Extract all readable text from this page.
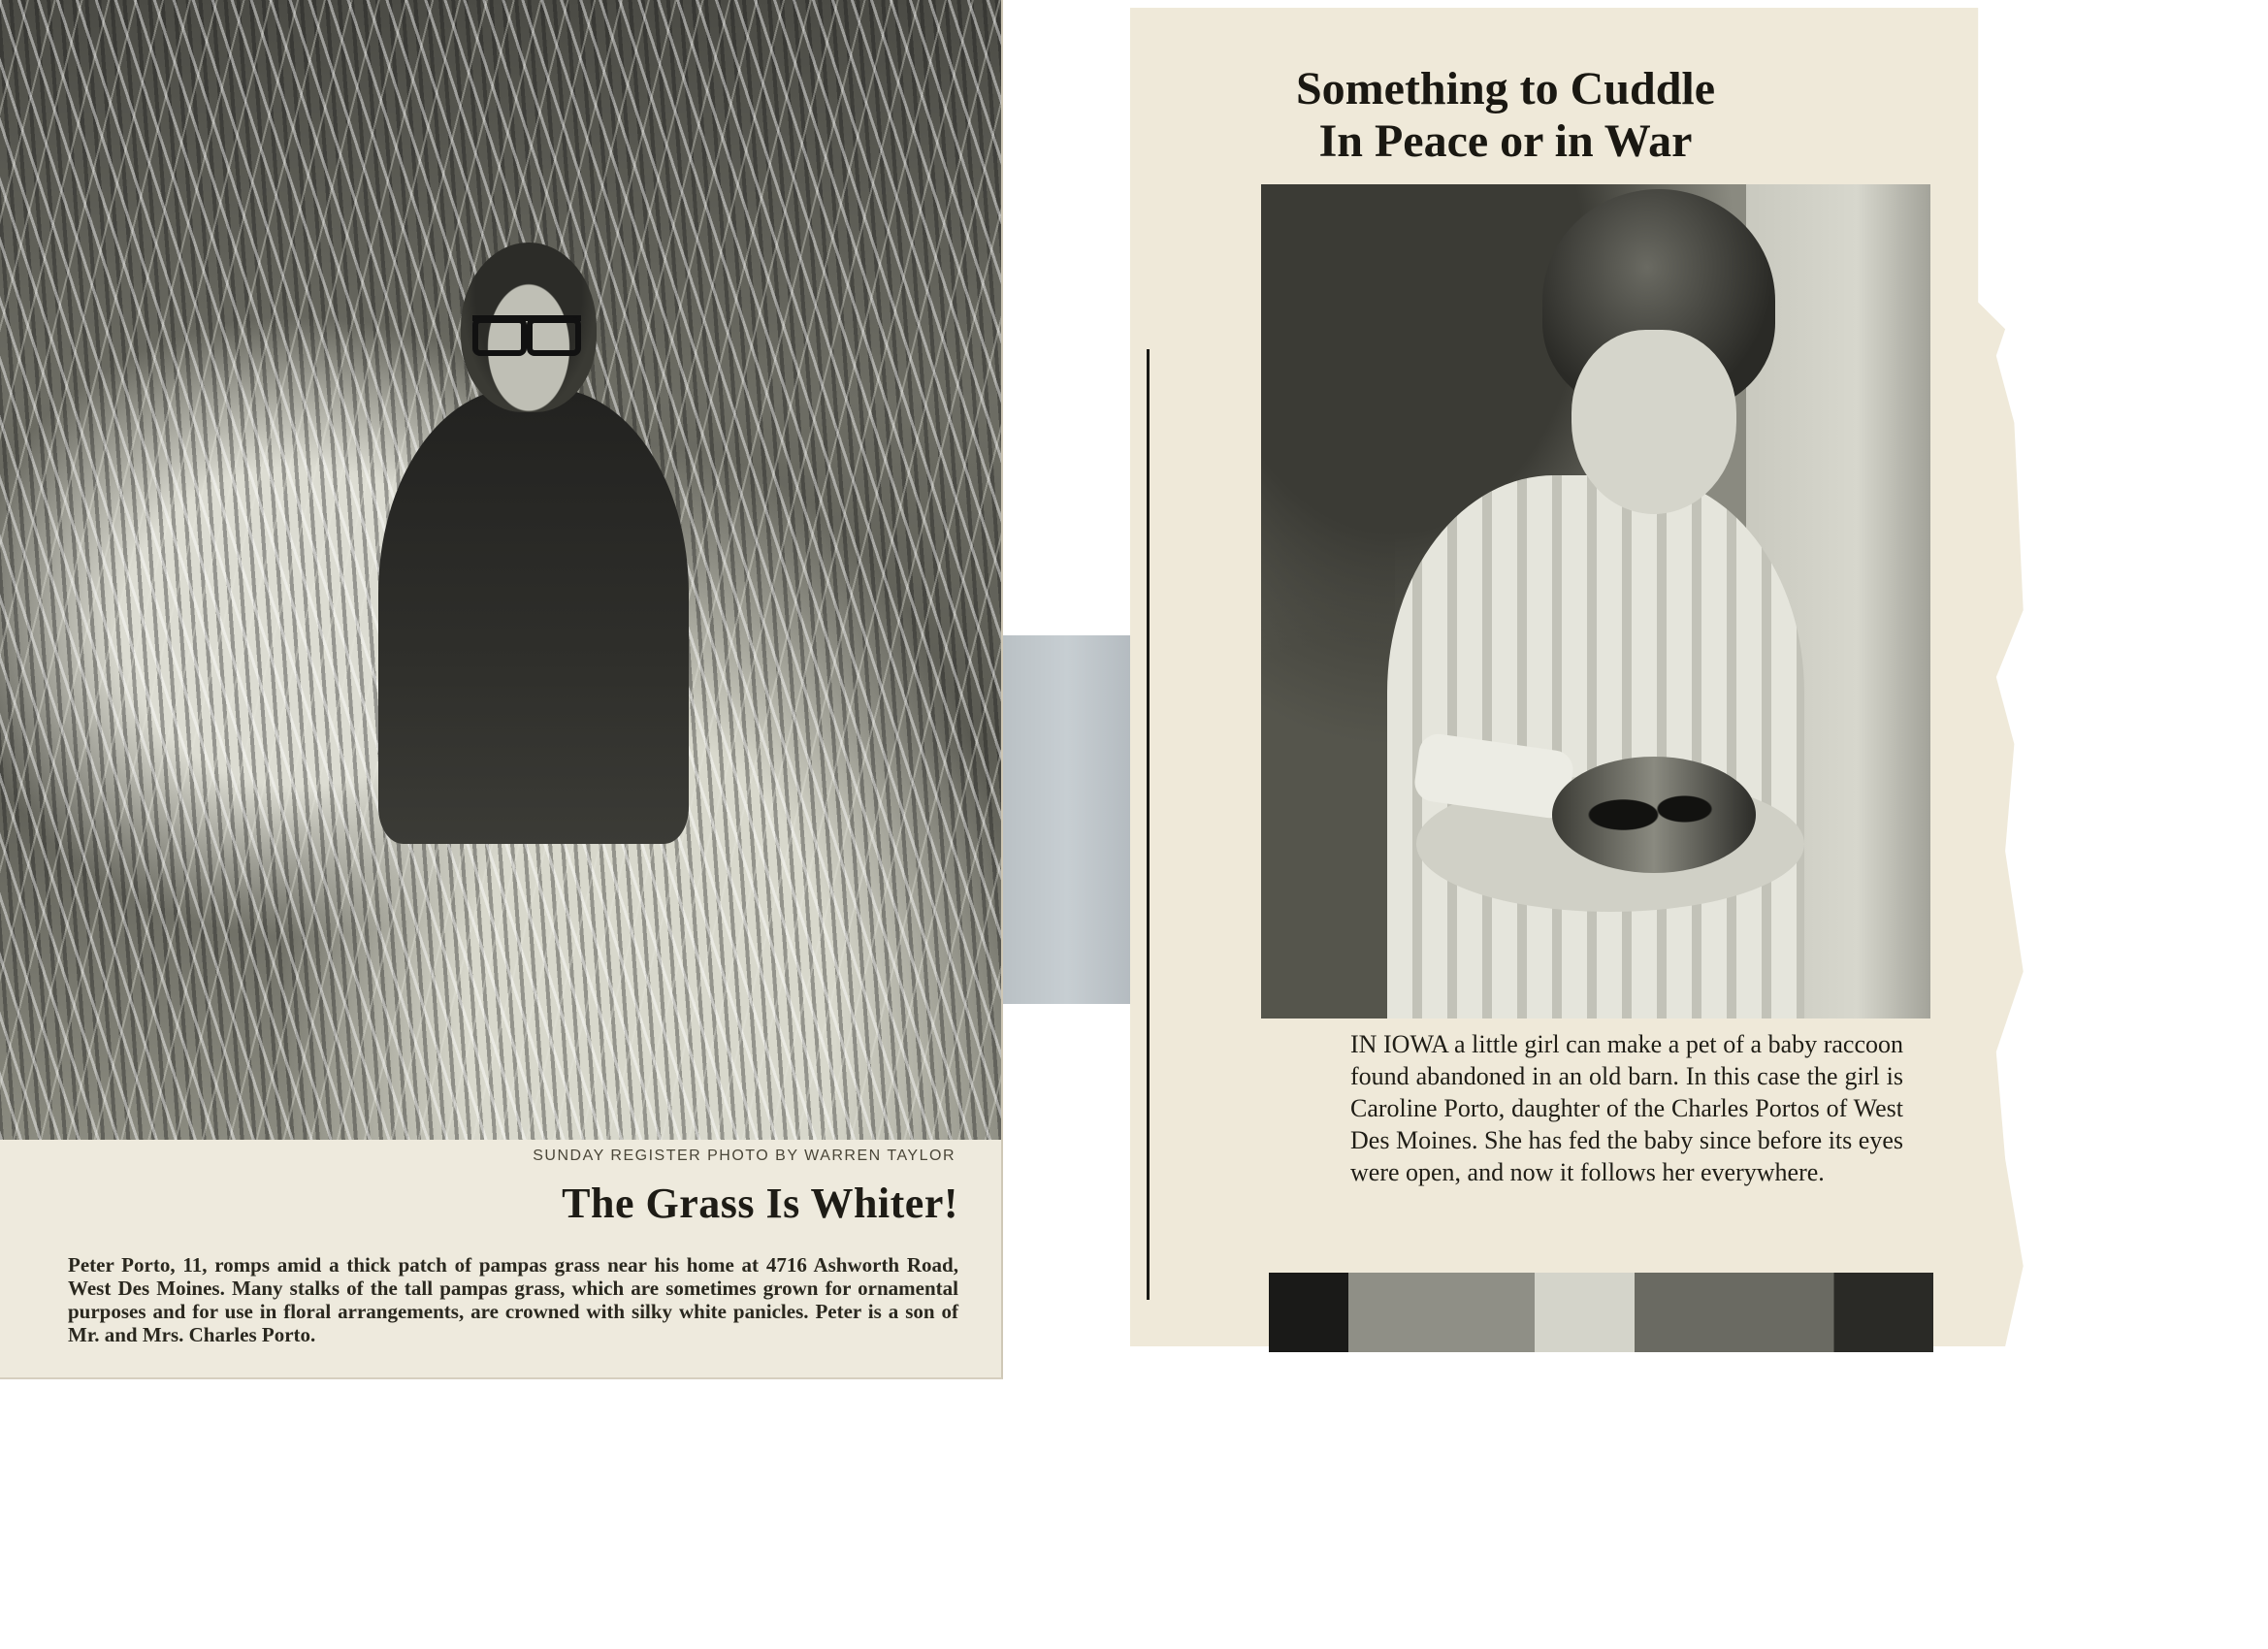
SUNDAY REGISTER PHOTO BY WARREN TAYLOR
The Grass Is Whiter!
Peter Porto, 11, romps amid a thick patch of pampas grass near his home at 4716 Ashworth Road, West Des Moines. Many stalks of the tall pampas grass, which are sometimes grown for ornamental purposes and for use in floral arrangements, are crowned with silky white panicles. Peter is a son of Mr. and Mrs. Charles Porto.
Something to Cuddle
In Peace or in War
IN IOWA a little girl can make a pet of a baby raccoon found abandoned in an old barn. In this case the girl is Caroline Porto, daughter of the Charles Portos of West Des Moines. She has fed the baby since before its eyes were open, and now it follows her everywhere.
